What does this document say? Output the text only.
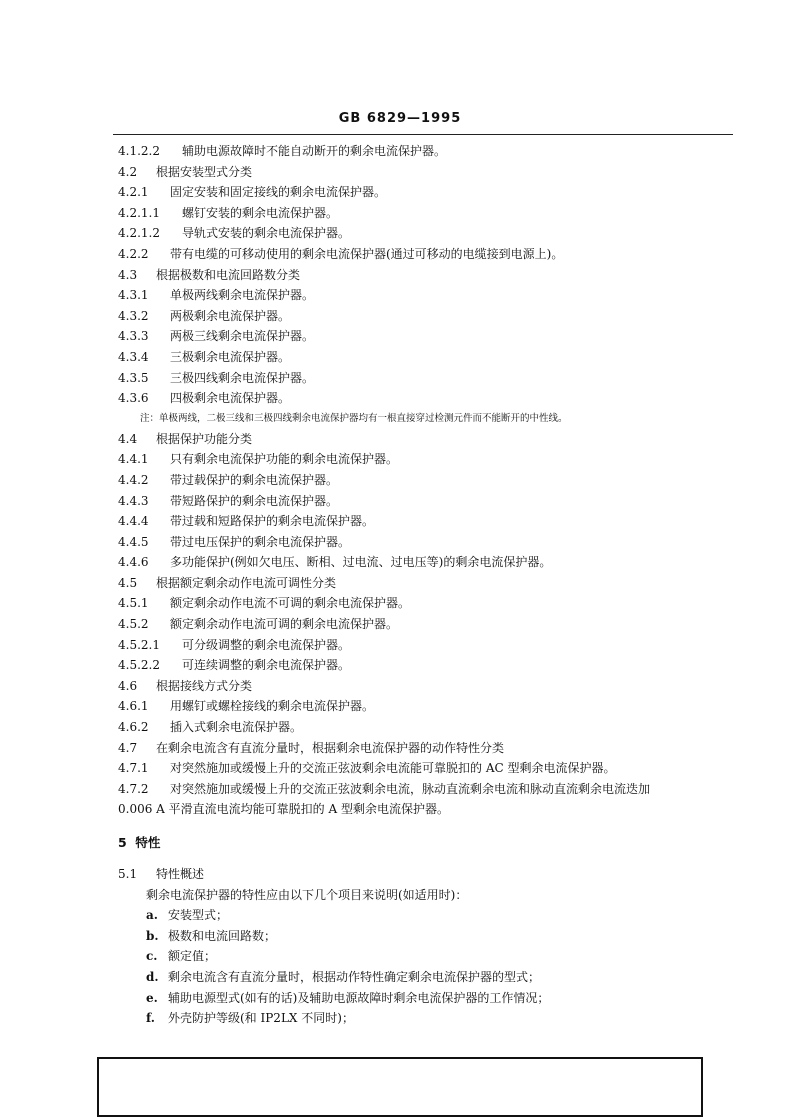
GB 6829—1995
4.1.2.2 辅助电源故障时不能自动断开的剩余电流保护器。
4.2 根据安装型式分类
4.2.1 固定安装和固定接线的剩余电流保护器。
4.2.1.1 螺钉安装的剩余电流保护器。
4.2.1.2 导轨式安装的剩余电流保护器。
4.2.2 带有电缆的可移动使用的剩余电流保护器(通过可移动的电缆接到电源上)。
4.3 根据极数和电流回路数分类
4.3.1 单极两线剩余电流保护器。
4.3.2 两极剩余电流保护器。
4.3.3 两极三线剩余电流保护器。
4.3.4 三极剩余电流保护器。
4.3.5 三极四线剩余电流保护器。
4.3.6 四极剩余电流保护器。
注：单极两线，二极三线和三极四线剩余电流保护器均有一根直接穿过检测元件而不能断开的中性线。
4.4 根据保护功能分类
4.4.1 只有剩余电流保护功能的剩余电流保护器。
4.4.2 带过载保护的剩余电流保护器。
4.4.3 带短路保护的剩余电流保护器。
4.4.4 带过载和短路保护的剩余电流保护器。
4.4.5 带过电压保护的剩余电流保护器。
4.4.6 多功能保护(例如欠电压、断相、过电流、过电压等)的剩余电流保护器。
4.5 根据额定剩余动作电流可调性分类
4.5.1 额定剩余动作电流不可调的剩余电流保护器。
4.5.2 额定剩余动作电流可调的剩余电流保护器。
4.5.2.1 可分级调整的剩余电流保护器。
4.5.2.2 可连续调整的剩余电流保护器。
4.6 根据接线方式分类
4.6.1 用螺钉或螺栓接线的剩余电流保护器。
4.6.2 插入式剩余电流保护器。
4.7 在剩余电流含有直流分量时，根据剩余电流保护器的动作特性分类
4.7.1 对突然施加或缓慢上升的交流正弦波剩余电流能可靠脱扣的 AC 型剩余电流保护器。
4.7.2 对突然施加或缓慢上升的交流正弦波剩余电流，脉动直流剩余电流和脉动直流剩余电流迭加
0.006 A 平滑直流电流均能可靠脱扣的 A 型剩余电流保护器。
5 特性
5.1 特性概述
剩余电流保护器的特性应由以下几个项目来说明(如适用时)：
a. 安装型式；
b. 极数和电流回路数；
c. 额定值；
d. 剩余电流含有直流分量时，根据动作特性确定剩余电流保护器的型式；
e. 辅助电源型式(如有的话)及辅助电源故障时剩余电流保护器的工作情况；
f. 外壳防护等级(和 IP2LX 不同时)；
